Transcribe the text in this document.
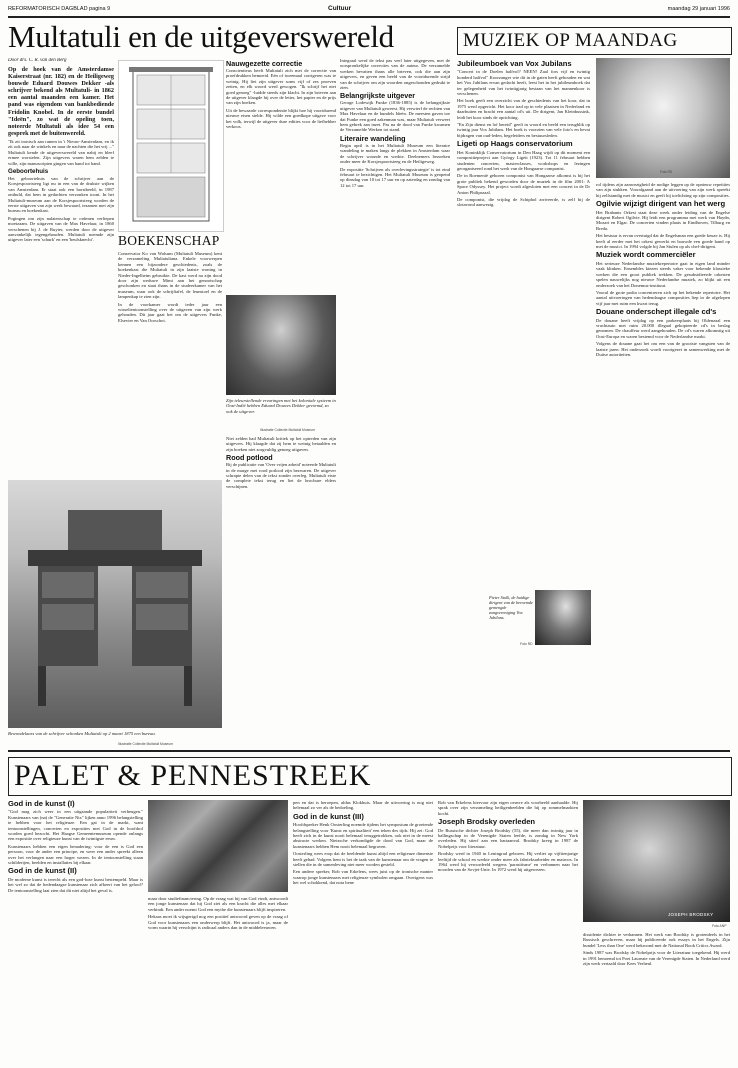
REFORMATORISCH DAGBLAD pagina 9	Cultuur	maandag 29 januari 1996
Multatuli en de uitgeverswereld
Door drs. C. R. van den Berg
Op de hoek van de Amsterdamse Kaiserstraat (nr. 182) en de Heiligeweg bouwde Eduard Douwes Dekker -als schrijver bekend als Multatuli- in 1862 een aantal maanden een kamer. Het pand was eigendom van bankbediende Fridolin Knobel. In de eerste bundel "Ideën", zo wat de opeling toen, noteerde Multatuli als idee 54 een gesprek met de buitenwereld.
"Ik zit ironisch aan ramen in 't Nieuw-Amsterdam, en ik zit ook naar de winkels en naar de nachten die het vrij ..." Multatuli kende de uitgeverswereld van nabij en bleef ermee worstelen. Zijn uitgevers waren hem zelden te wille, zijn manuscripten gingen van hand tot hand.
Geboortehuis
Het geboortehuis van de schrijver aan de Korsjespoortsteeg ligt nu in een van de drukste wijken van Amsterdam. Er staat ook een borstbeeld, in 1987 onthuld, dat hem in gedachten verzonken toont. In het Multatuli-museum aan de Korsjespoortsteeg worden de eerste uitgaven van zijn werk bewaard, tezamen met zijn bureau en boekenkast.
Pogingen om zijn nalatenschap te ordenen verliepen moeizaam. De uitgaven van de Max Havelaar, in 1860 verschenen bij J. de Ruyter, werden door de uitgever aanvankelijk tegengehouden. Multatuli noemde zijn uitgever later een 'schurk' en een 'beulsknecht'.	BOEKENSCHAP
Conservator Ko van Walsum (Multatuli Museum) kent de verzameling Multatuliana. Enkele voorwerpen kennen een bijzondere geschiedenis, zoals de boekenkast die Multatuli in zijn laatste woning in Nieder-Ingelheim gebruikte. De kast werd na zijn dood door zijn weduwe Mimi aan het genootschap geschonken en staat thans in de studeerkamer van het museum, waar ook de schrijftafel, de leunstoel en de lampenkap te zien zijn.
In de voorkamer wordt ieder jaar een wisseltentoonstelling over de uitgaven van zijn werk gehouden. Dit jaar gaat het om de uitgevers Funke, Elsevier en Van Oorschot.
Nauwgezette correctie
Conscientieus heeft Multatuli zich met de correctie van proefdrukken bemoeid. Eén of tweemaal corrigeren was te weinig. Hij liet zijn uitgever soms vijf of zes proeven zetten, en elk woord werd gewogen. "Ik schrijf het niet goed genoeg" -luidde steeds zijn klacht. In zijn brieven aan de uitgever klaagde hij over de letter, het papier en de prijs van zijn boeken.
Uit de bewaarde correspondentie blijkt hoe hij voortdurend nieuwe eisen stelde. Hij wilde een goedkope uitgave voor het volk, terwijl de uitgever dure edities voor de liefhebber verkoos.
Zijn teleurstellende ervaringen met het koloniale systeem in Oost-Indië hebben Eduard Douwes Dekker gevormd, zo ook de uitgever.
Illustratie Collectie Multatuli Museum
Niet zelden had Multatuli kritiek op het optreden van zijn uitgevers. Hij klaagde dat zij hem te weinig betaalden en zijn boeken niet zorgvuldig genoeg uitgaven.
Rood potlood
Bij de publicatie van 'Over vrijen arbeid' noteerde Multatuli in de marge met rood potlood zijn bezwaren. De uitgever schrapte delen van de tekst zonder overleg. Multatuli eiste de complete tekst terug en liet de brochure elders verschijnen.
Integraal werd de tekst pas veel later uitgegeven, met de oorspronkelijke correcties van de auteur. De verzamelde werken bevatten thans alle brieven, ook die aan zijn uitgevers, en geven een beeld van de voortdurende strijd van de schrijver om zijn woorden ongeschonden gedrukt te zien.
Belangrijkste uitgever
George Lodewijk Funke (1836-1885) is de belangrijkste uitgever van Multatuli geweest. Hij verwierf de rechten van Max Havelaar en de bundels Ideën. De meesten gaven toe dat Funke een goed zakenman was, maar Multatuli verweet hem gebrek aan inzet. Pas na de dood van Funke kwamen de Verzamelde Werken tot stand.
Literaire wandeling
Begin april is in het Multatuli Museum een literaire wandeling te maken langs de plekken in Amsterdam waar de schrijver woonde en werkte. Deelnemers bezoeken onder meer de Korsjespoortsteeg en de Heiligeweg.
De expositie 'Schrijven als overlevingsstrategie' is tot eind februari te bezichtigen. Het Multatuli Museum is geopend op dinsdag van 10 tot 17 uur en op zaterdag en zondag van 12 tot 17 uur.
Bewondelaars van de schrijver schonken Multatuli op 2 maart 1875 een bureau.
Illustratie Collectie Multatuli Museum
MUZIEK OP MAANDAG
Jubileumboek van Vox Jubilans
"Concert in de Doelen halfvol? NEEN! Zaal fors vijf en twintig honderd halfvol" Koorzanger wie dit in de gaten heeft gehouden en wat het Vox Jubilans ervan gedacht heeft, leest het in het jubileumboek dat ter gelegenheid van het twintigjarig bestaan van het mannenkoor is verschenen.
Het boek geeft een overzicht van de geschiedenis van het koor, dat in 1975 werd opgericht. Het koor trad op in vele plaatsen in Nederland en daarbuiten en bracht een aantal cd's uit. De dirigent, Jan Kleinbussink, leidt het koor sinds de oprichting.
"En Zijn dienst en lof bereid" geeft in woord en beeld een terugblik op twintig jaar Vox Jubilans. Het boek is voorzien van vele foto's en bevat bijdragen van oud-leden, begeleiders en bestuursleden.
Ligeti op Haags conservatorium
Het Koninklijk Conservatorium in Den Haag wijdt op dit moment een compositieproject aan György Ligeti (1923). Tot 11 februari hebben studenten concerten, masterclasses, workshops en lezingen georganiseerd rond het werk van de Hongaarse componist.
De in Roemenië geboren componist van Hongaarse afkomst is bij het grote publiek bekend geworden door de muziek in de film 2001: A Space Odyssey. Het project wordt afgesloten met een concert in de Dr Anton Philipszaal.
De componist, die vrijdag de Schiphol arriveerde, is zelf bij de slotavond aanwezig.
Pieter Stolk, de huidige dirigent van de beroemde gemengde zangvereniging Vox Jubilans.
Foto RD
Foto RD
rol tijdens zijn aanwezigheid de nodige leggen op de opnieuw repetities van zijn stukken. Voorafgaand aan de uitvoering van zijn werk spreekt hij zelfstandig met de musici en geeft hij toelichting op zijn composities.
Ogilvie wijzigt dirigent van het werg
Het Brabants Orkest staat deze week onder leiding van de Engelse dirigent Robert Ogilvie. Hij leidt een programma met werk van Haydn, Mozart en Elgar. De concerten vinden plaats in Eindhoven, Tilburg en Breda.
Het bestuur is ervan overtuigd dat de Engelsman een goede keuze is. Hij heeft al eerder met het orkest gewerkt en bouwde een goede band op met de musici. In 1994 volgde hij Jan Stulen op als chef-dirigent.
Muziek wordt commerciëler
Het serieuze Nederlandse muziekrepertoire gaat in eigen land minder vaak klinken. Ensembles kiezen steeds vaker voor bekende klassieke werken die een groot publiek trekken. De gesubsidieerde orkesten spelen nauwelijks nog nieuwe Nederlandse muziek, zo blijkt uit een onderzoek van het Donemus-instituut.
Vooral de grote podia concentreren zich op het bekende repertoire. Het aantal uitvoeringen van hedendaagse composities liep in de afgelopen vijf jaar met ruim een kwart terug.
Douane onderschept illegale cd's
De douane heeft vrijdag op een parkeerplaats bij Oldenzaal een vrachtauto met ruim 20.000 illegaal gekopieerde cd's in beslag genomen. De chauffeur werd aangehouden. De cd's waren afkomstig uit Oost-Europa en waren bestemd voor de Nederlandse markt.
Volgens de douane gaat het om een van de grootste vangsten van de laatste jaren. Het onderzoek wordt voortgezet in samenwerking met de Duitse autoriteiten.
PALET & PENNESTREEK
God in de kunst (I)
"God mag zich weer in een uitgaande populariteit verheugen." Kunstenaars van (na) de "Generatie Nix" lijken anno 1996 belangstelling te hebben voor het religieuze. Een gat in de markt, want tentoonstellingen, concerten en exposities met God in de hoofdrol worden goed bezocht. Het Haagse Gemeentemuseum opende onlangs een expositie over religieuze kunst van de twintigste eeuw.
Kunstenaars hebben een eigen benadering: voor de een is God een persoon, voor de ander een principe, en weer een ander spreekt alleen over het verlangen naar een hoger wezen. In de tentoonstelling staan schilderijen, beelden en installaties bij elkaar.
God in de kunst (II)
De moderne kunst is terecht als een god-loze kunst bestempeld. Maar is het wel zo dat de hedendaagse kunstenaar zich afkeert van het geloof? De tentoonstelling laat zien dat dit niet altijd het geval is.
maar door studiefinanciering. Op de vraag wat hij van God vindt, antwoordt een jonge kunstenaar dat hij God ziet als een kracht die alles met elkaar verbindt. Een ander noemt God een mythe die kunstenaars blijft inspireren.
Hekaas moet ik wijsgerigd nog een positief antwoord geven op de vraag of God voor kunstenaars een onderwerp blijft. Het antwoord is ja, maar de vorm waarin hij verschijnt is radicaal anders dan in de middeleeuwen.
pen en dat is beroepen, aldus Klokhuis. Maar de uitvoering is nog niet helemaal zo ver als de bedoeling.
God in de kunst (III)
Hoofdspreker Henk Oosterling noemde tijdens het symposium de groeiende belangstelling voor 'Kunst en spiritualiteit' een teken des tijds. Hij zei: God heeft zich in de kunst nooit helemaal teruggetrokken, ook niet in de meest abstracte werken. Nietzsche verkondigde de dood van God, maar de kunstenaars hebben Hem nooit helemaal begraven.
Oosterling wees erop dat de beeldende kunst altijd een religieuze dimensie heeft gehad. Volgens hem is het de taak van de kunstenaar om de vragen te stellen die in de samenleving niet meer worden gesteld.
Een andere spreker, Rob van Erkelens, wees juist op de ironische manier waarop jonge kunstenaars met religieuze symbolen omgaan. Overigens was het wel schokkend, dat nota bene
Rob van Erkelens hiervoor zijn eigen oeuvre als voorbeeld aanhaalde. Hij sprak over zijn verzameling heiligenbeelden die hij op rommelmarkten kocht.
Joseph Brodsky overleden
De Russische dichter Joseph Brodsky (55), die meer dan twintig jaar in ballingschap in de Verenigde Staten leefde, is zondag in New York overleden. Hij stierf aan een hartaanval. Brodsky kreeg in 1987 de Nobelprijs voor literatuur.
Brodsky werd in 1940 in Leningrad geboren. Hij verliet op vijftienjarige leeftijd de school en werkte onder meer als fabrieksarbeider en matroos. In 1964 werd hij veroordeeld wegens 'parasitisme' en verbannen naar het noorden van de Sovjet-Unie. In 1972 werd hij uitgewezen.
JOSEPH BRODSKY
Foto ANP
dissidente dichter te verbannen. Het werk van Brodsky is grotendeels in het Russisch geschreven, maar hij publiceerde ook essays in het Engels. Zijn bundel 'Less than One' werd bekroond met de National Book Critics Award.
Sinds 1987 was Brodsky de Nobelprijs voor de Literatuur toegekend. Hij werd in 1991 benoemd tot Poet Laureate van de Verenigde Staten. In Nederland werd zijn werk vertaald door Kees Verheul.
